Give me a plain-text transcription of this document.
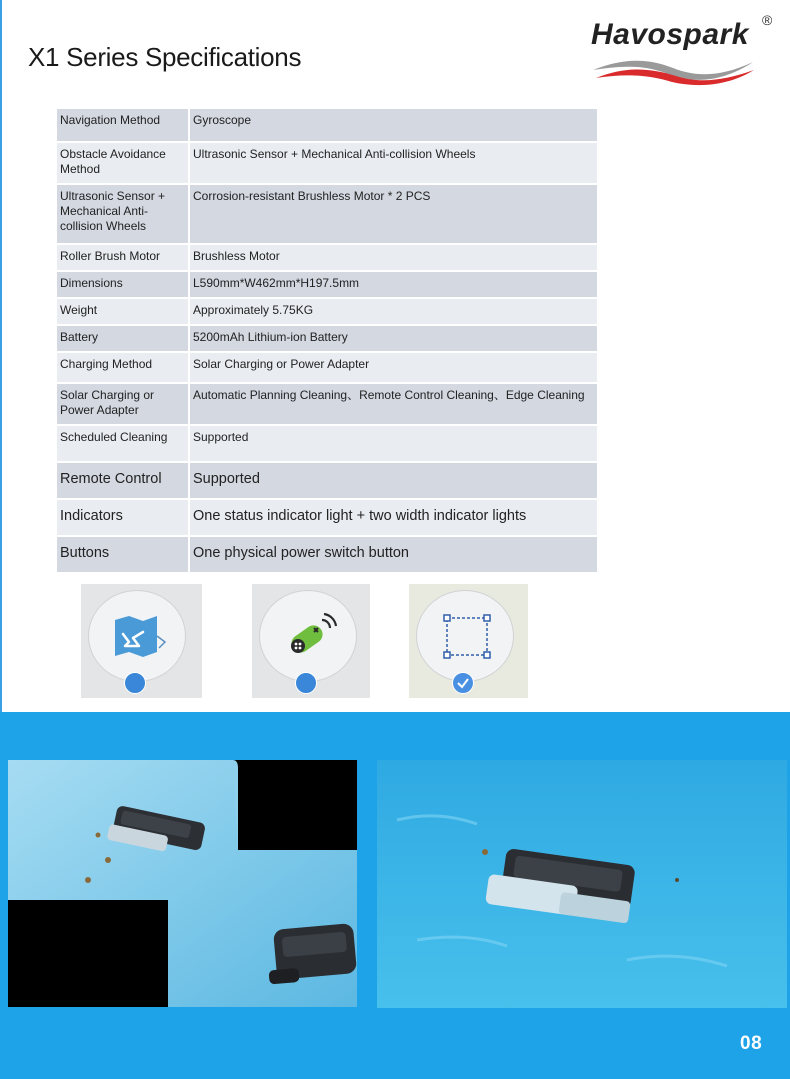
X1 Series Specifications
Havospark ®
Navigation Method	Gyroscope
Obstacle Avoidance Method	Ultrasonic Sensor + Mechanical Anti-collision Wheels
Ultrasonic Sensor + Mechanical Anti-collision Wheels	Corrosion-resistant Brushless Motor * 2 PCS
Roller Brush Motor	Brushless Motor
Dimensions	L590mm*W462mm*H197.5mm
Weight	Approximately 5.75KG
Battery	5200mAh Lithium-ion Battery
Charging Method	Solar Charging or Power Adapter
Solar Charging or Power Adapter	Automatic Planning Cleaning、Remote Control Cleaning、Edge Cleaning
Scheduled Cleaning	Supported
Remote Control	Supported
Indicators	One status indicator light + two width indicator lights
Buttons	One physical power switch button
08
